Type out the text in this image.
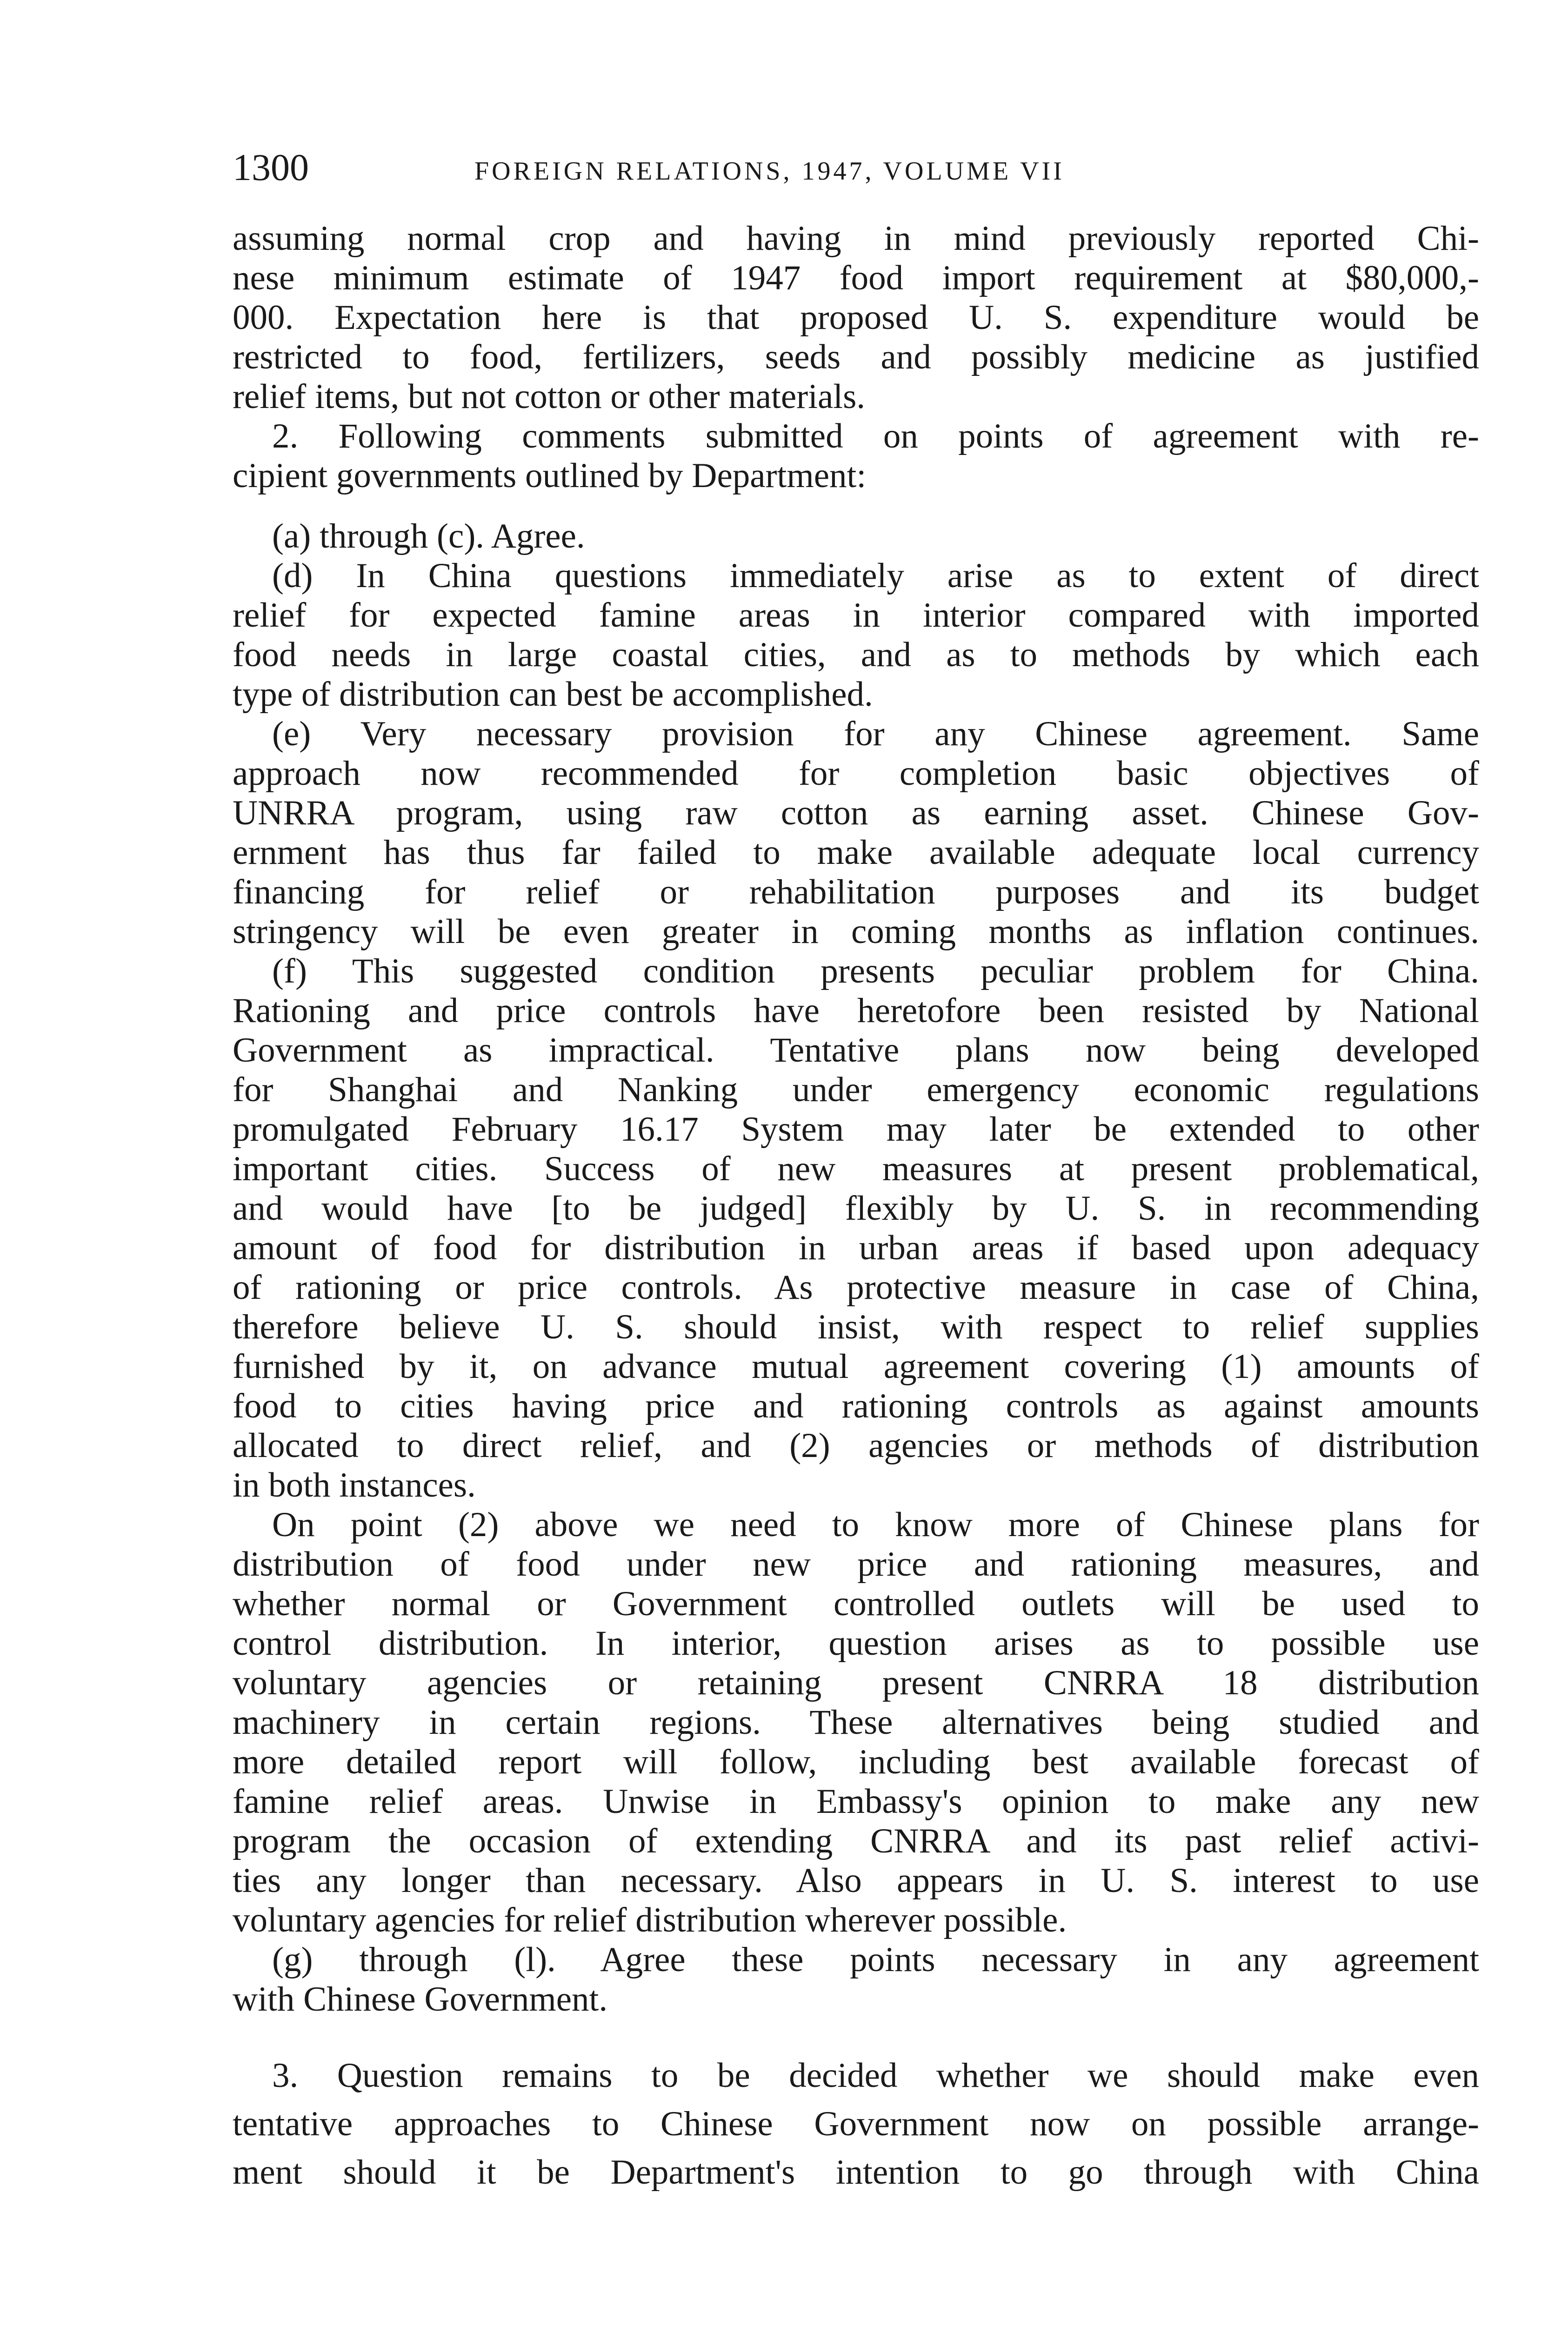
1300	FOREIGN RELATIONS, 1947, VOLUME VII

assuming normal crop and having in mind previously reported Chi-

nese minimum estimate of 1947 food import requirement at $80,000,-

000. Expectation here is that proposed U. S. expenditure would be

restricted to food, fertilizers, seeds and possibly medicine as justified

relief items, but not cotton or other materials.

2. Following comments submitted on points of agreement with re-

cipient governments outlined by Department:

(a) through (c). Agree.

(d) In China questions immediately arise as to extent of direct

relief for expected famine areas in interior compared with imported

food needs in large coastal cities, and as to methods by which each

type of distribution can best be accomplished.

(e) Very necessary provision for any Chinese agreement. Same

approach now recommended for completion basic objectives of

UNRRA program, using raw cotton as earning asset. Chinese Gov-

ernment has thus far failed to make available adequate local currency

financing for relief or rehabilitation purposes and its budget

stringency will be even greater in coming months as inflation continues.

(f) This suggested condition presents peculiar problem for China.

Rationing and price controls have heretofore been resisted by National

Government as impractical. Tentative plans now being developed

for Shanghai and Nanking under emergency economic regulations

promulgated February 16.17 System may later be extended to other

important cities. Success of new measures at present problematical,

and would have [to be judged] flexibly by U. S. in recommending

amount of food for distribution in urban areas if based upon adequacy

of rationing or price controls. As protective measure in case of China,

therefore believe U. S. should insist, with respect to relief supplies

furnished by it, on advance mutual agreement covering (1) amounts of

food to cities having price and rationing controls as against amounts

allocated to direct relief, and (2) agencies or methods of distribution

in both instances.

On point (2) above we need to know more of Chinese plans for

distribution of food under new price and rationing measures, and

whether normal or Government controlled outlets will be used to

control distribution. In interior, question arises as to possible use

voluntary agencies or retaining present CNRRA 18 distribution

machinery in certain regions. These alternatives being studied and

more detailed report will follow, including best available forecast of

famine relief areas. Unwise in Embassy's opinion to make any new

program the occasion of extending CNRRA and its past relief activi-

ties any longer than necessary. Also appears in U. S. interest to use

voluntary agencies for relief distribution wherever possible.

(g) through (l). Agree these points necessary in any agreement

with Chinese Government.

3. Question remains to be decided whether we should make even

tentative approaches to Chinese Government now on possible arrange-

ment should it be Department's intention to go through with China
